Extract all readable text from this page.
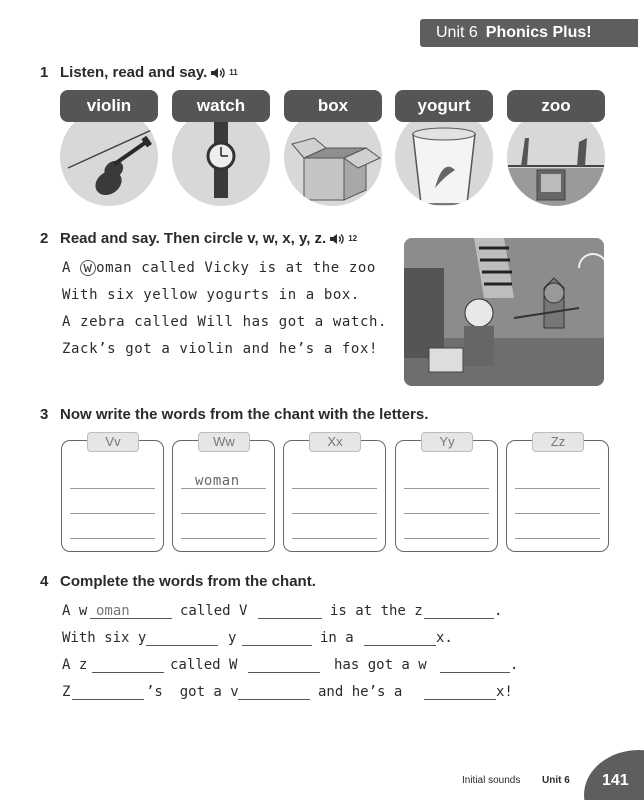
Unit 6 Phonics Plus!
1 Listen, read and say.	11
violin	watch	box	yogurt	zoo
2 Read and say. Then circle v, w, x, y, z.	12
A w oman called Vicky is at the zoo
With six yellow yogurts in a box.
A zebra called Will has got a watch.
Zack’s got a violin and he’s a fox!
3 Now write the words from the chant with the letters.
Vv
woman
Ww	Xx	Yy	Zz
4 Complete the words from the chant.
A w oman	called V	is at the z	.
With six y	y	in a	x.
A z	called W	has got a w	.
Z	’s  got a v	and he’s a	x!
Initial sounds Unit 6 141
